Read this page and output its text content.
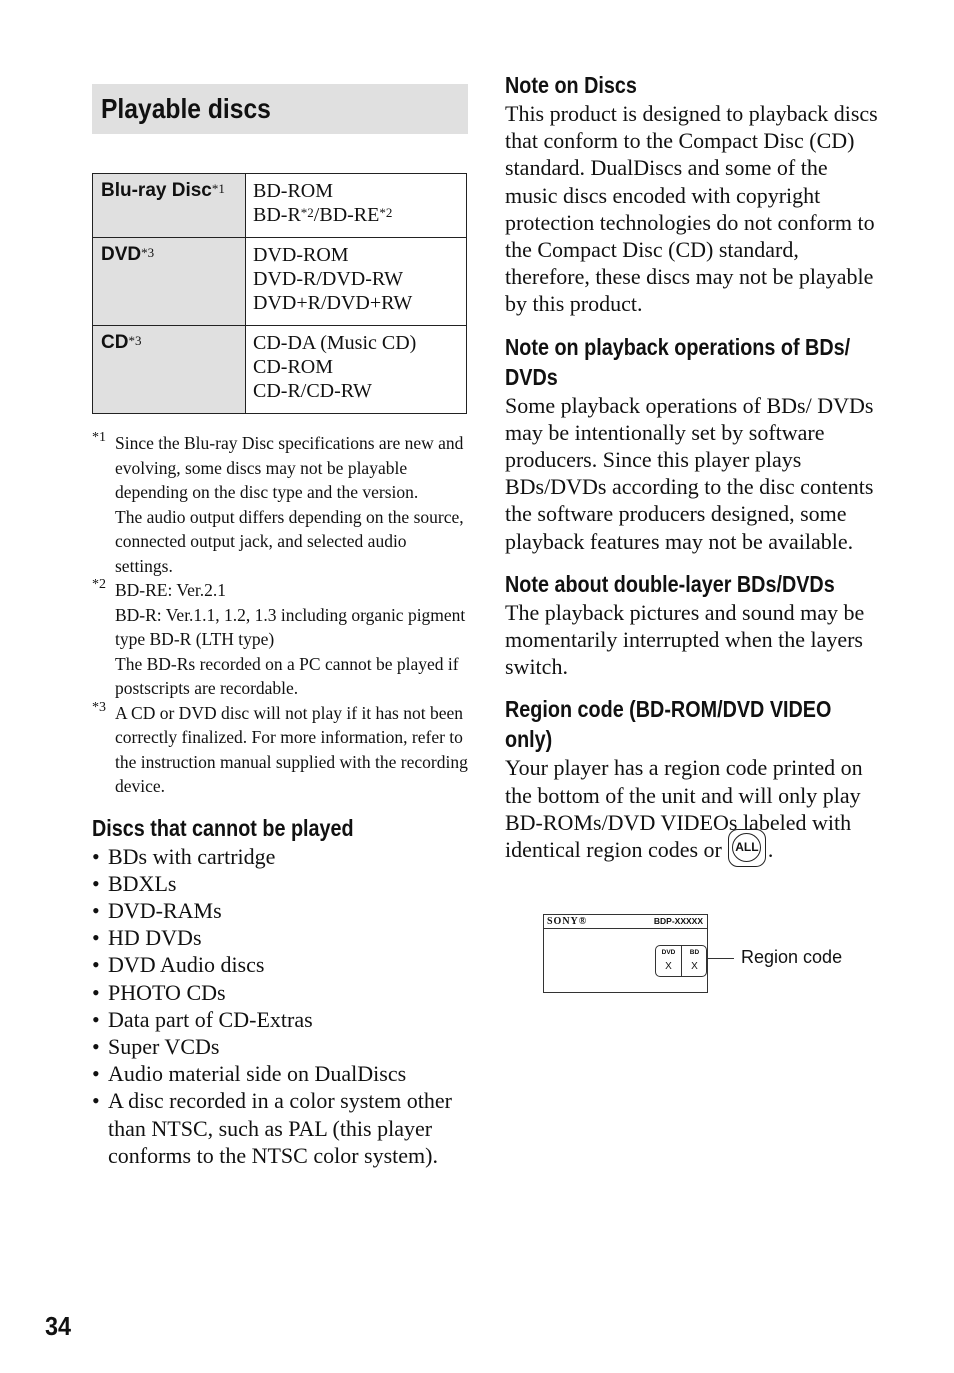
Playable discs
Blu-ray Disc$^{*1}$	BD-ROM
$BD-R^{*2}/BD-RE^{*2}$

DVD$^{*3}$	DVD-ROM
DVD-R/DVD-RW
DVD+R/DVD+RW

CD$^{*3}$	CD-DA (Music CD)
CD-ROM
CD-R/CD-RW
*1 Since the Blu-ray Disc specifications are new and evolving, some discs may not be playable depending on the disc type and the version.

The audio output differs depending on the source, connected output jack, and selected audio settings.

*2 BD-RE: Ver.2.1

BD-R: Ver.1.1, 1.2, 1.3 including organic pigment type BD-R (LTH type)

The BD-Rs recorded on a PC cannot be played if postscripts are recordable.

*3 A CD or DVD disc will not play if it has not been correctly finalized. For more information, refer to the instruction manual supplied with the recording device.

Discs that cannot be played
• BDs with cartridge
• BDXLs
• DVD-RAMs
• HD DVDs
• DVD Audio discs
• PHOTO CDs
• Data part of CD-Extras
• Super VCDs
• Audio material side on DualDiscs
• A disc recorded in a color system other than NTSC, such as PAL (this player conforms to the NTSC color system).
Note on Discs

This product is designed to playback discs that conform to the Compact Disc (CD) standard. DualDiscs and some of the music discs encoded with copyright protection technologies do not conform to the Compact Disc (CD) standard, therefore, these discs may not be playable by this product.

Note on playback operations of BDs/ DVDs

Some playback operations of BDs/ DVDs may be intentionally set by software producers. Since this player plays BDs/DVDs according to the disc contents the software producers designed, some playback features may not be available.

Note about double-layer BDs/DVDs

The playback pictures and sound may be momentarily interrupted when the layers switch.

Region code (BD-ROM/DVD VIDEO only)

Your player has a region code printed on the bottom of the unit and will only play BD-ROMs/DVD VIDEOs labeled with identical region codes or	ALL .

SONY®	BDP-XXXXX
DVD
X
BD
X	Region code
34
